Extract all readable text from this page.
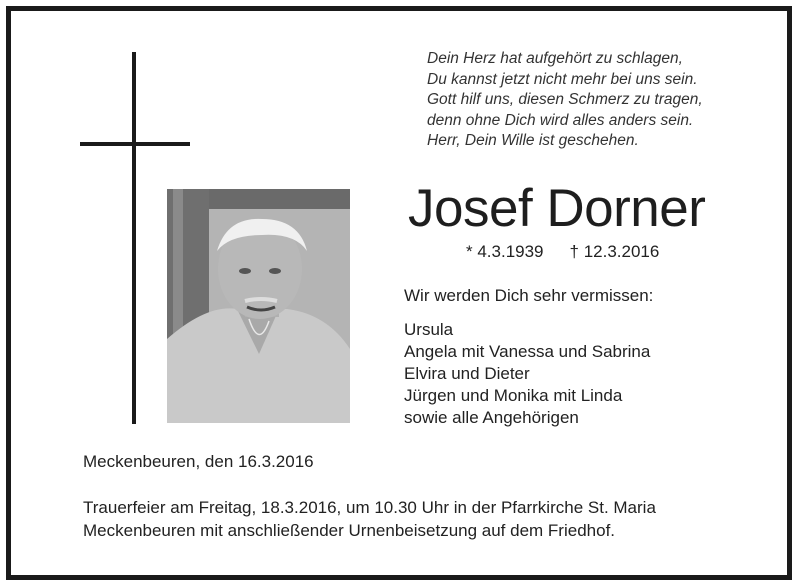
Dein Herz hat aufgehört zu schlagen,
Du kannst jetzt nicht mehr bei uns sein.
Gott hilf uns, diesen Schmerz zu tragen,
denn ohne Dich wird alles anders sein.
Herr, Dein Wille ist geschehen.
Josef Dorner
* 4.3.1939 † 12.3.2016
Wir werden Dich sehr vermissen:
Ursula
Angela mit Vanessa und Sabrina
Elvira und Dieter
Jürgen und Monika mit Linda
sowie alle Angehörigen
Meckenbeuren, den 16.3.2016
Trauerfeier am Freitag, 18.3.2016, um 10.30 Uhr in der Pfarrkirche St. Maria
Meckenbeuren mit anschließender Urnenbeisetzung auf dem Friedhof.
